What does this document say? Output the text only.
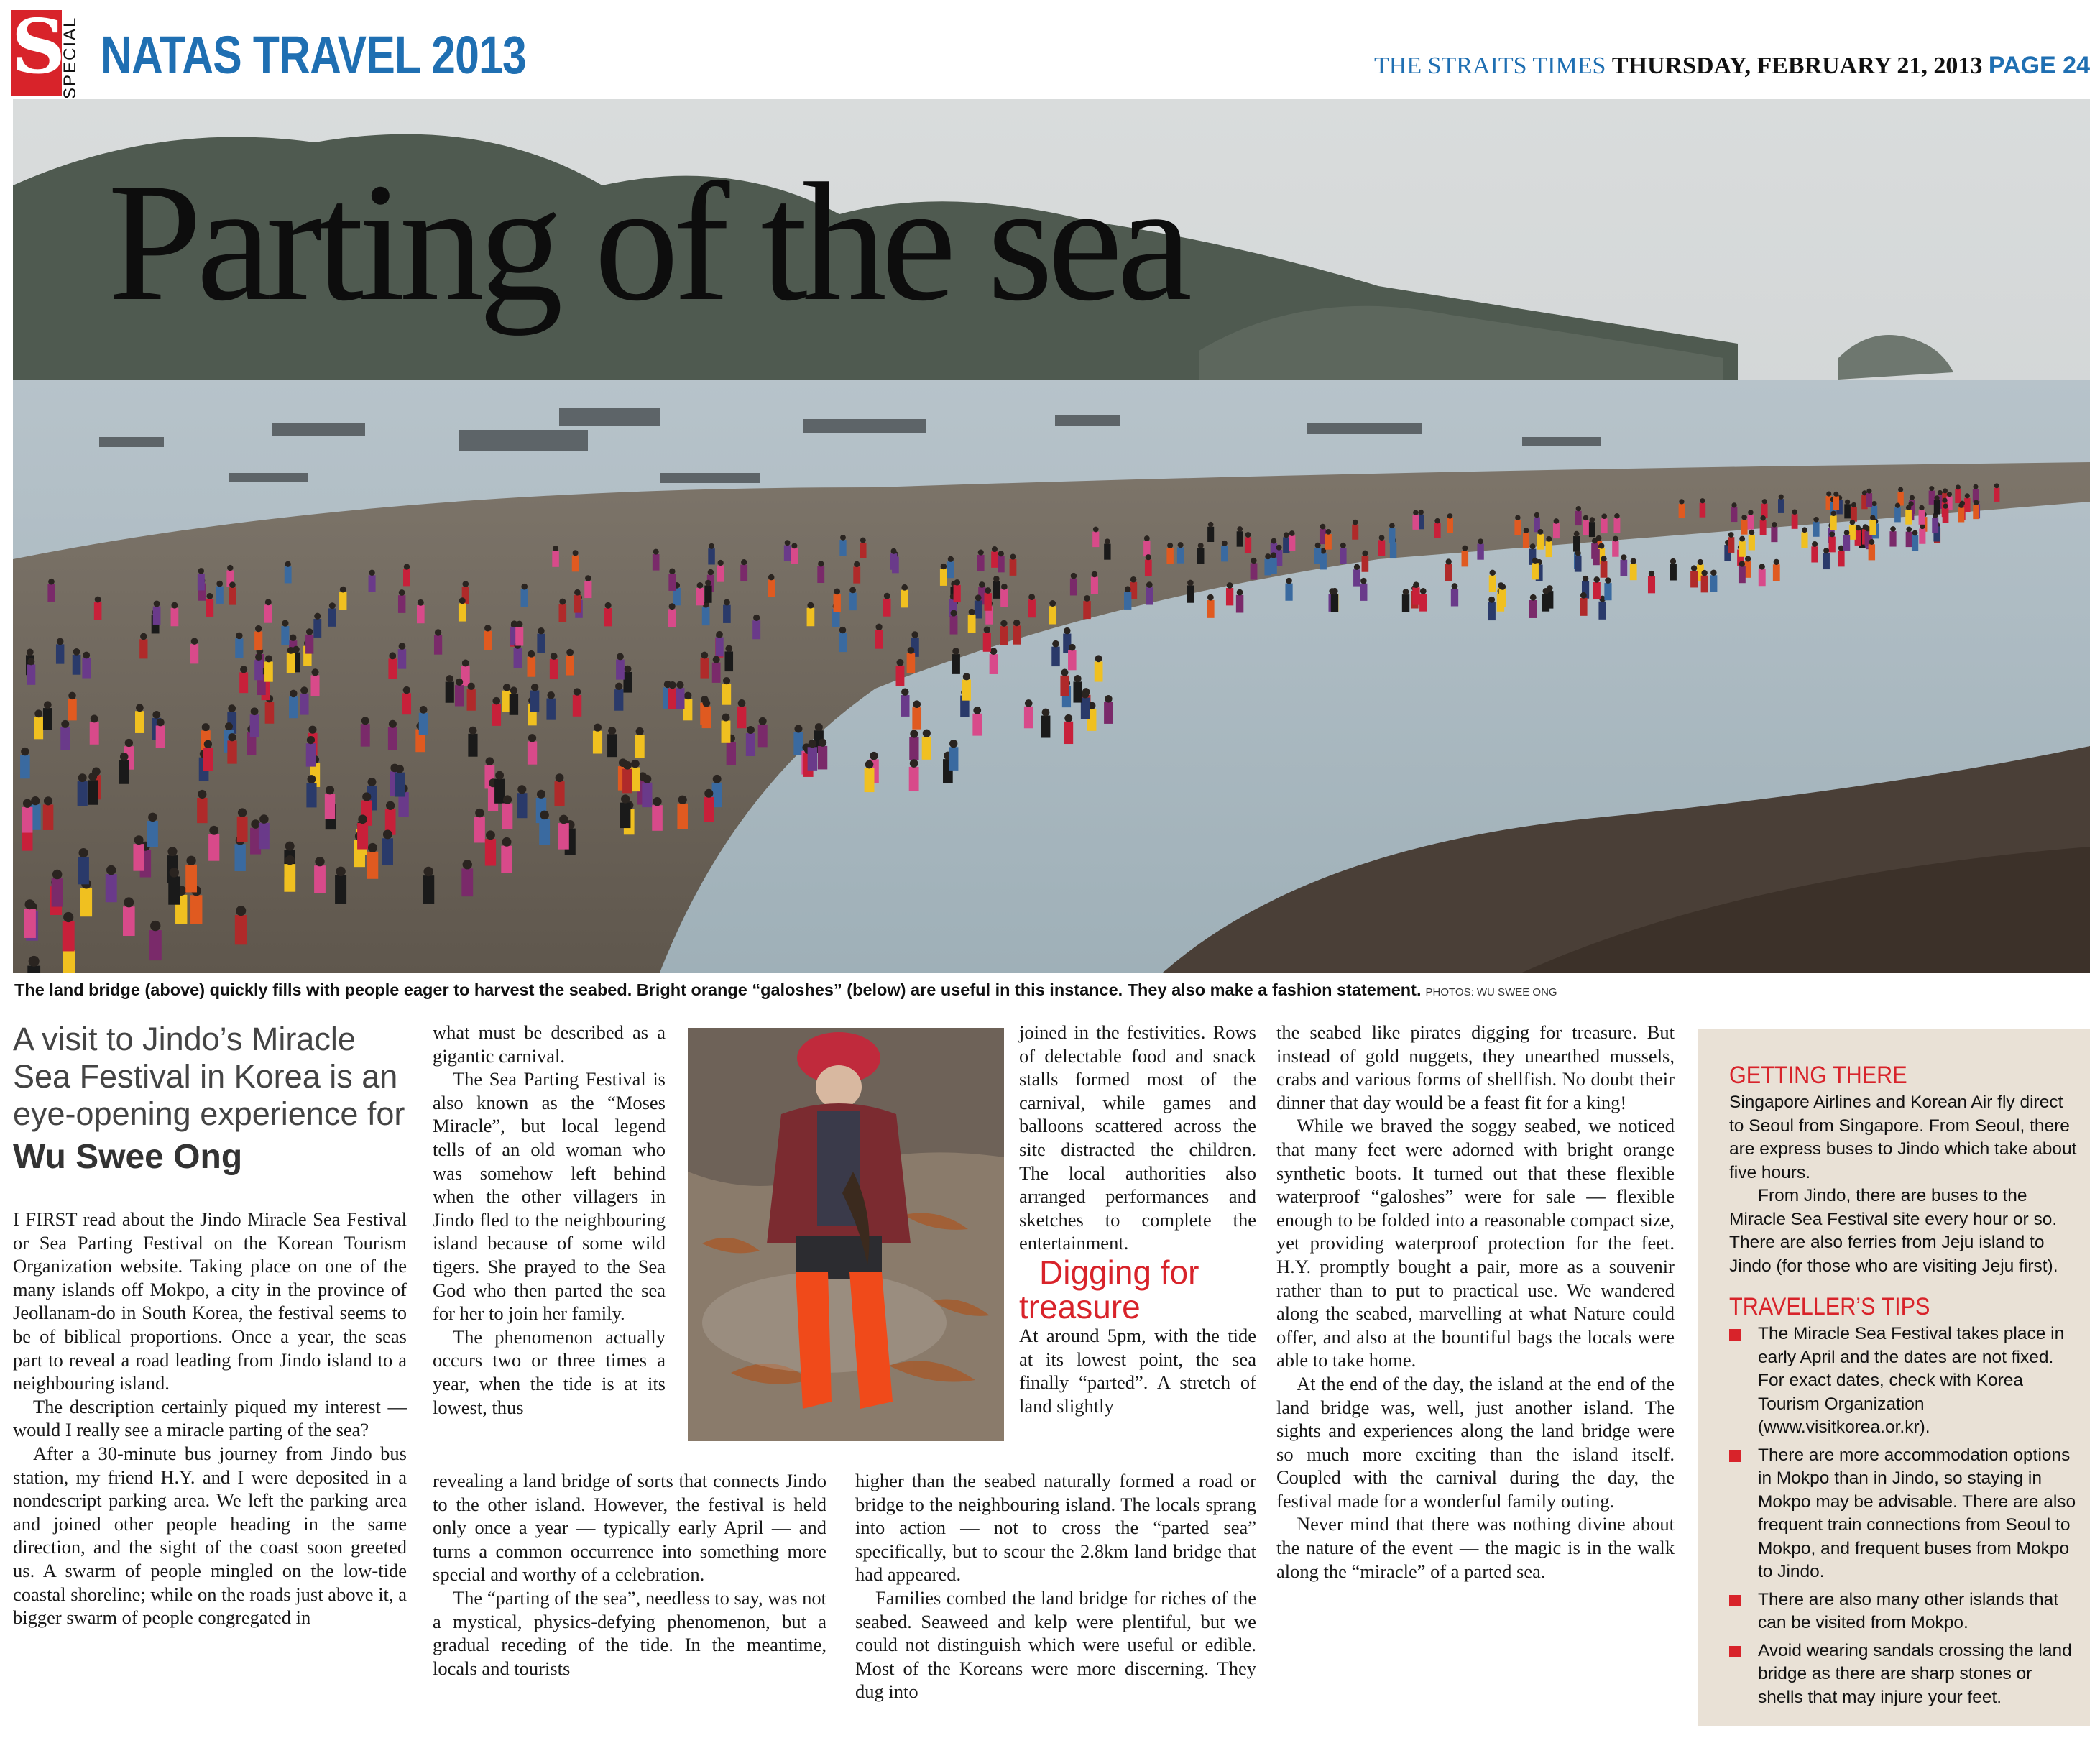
S
SPECIAL NATAS TRAVEL 2013	THE STRAITS TIMES THURSDAY, FEBRUARY 21, 2013 PAGE 24
Parting of the sea
The land bridge (above) quickly fills with people eager to harvest the seabed. Bright orange “galoshes” (below) are useful in this instance. They also make a fashion statement. PHOTOS: WU SWEE ONG
A visit to Jindo’s Miracle Sea Festival in Korea is an eye-opening experience for
Wu Swee Ong

I FIRST read about the Jindo Miracle Sea Festival or Sea Parting Festival on the Korean Tourism Organization website. Taking place on one of the many islands off Mokpo, a city in the province of Jeollanam-do in South Korea, the festival seems to be of biblical proportions. Once a year, the seas part to reveal a road leading from Jindo island to a neighbouring island.

The description certainly piqued my interest — would I really see a miracle parting of the sea?

After a 30-minute bus journey from Jindo bus station, my friend H.Y. and I were deposited in a nondescript parking area. We left the parking area and joined other people heading in the same direction, and the sight of the coast soon greeted us. A swarm of people mingled on the low-tide coastal shoreline; while on the roads just above it, a bigger swarm of people congregated in

what must be described as a gigantic carnival.

The Sea Parting Festival is also known as the “Moses Miracle”, but local legend tells of an old woman who was somehow left behind when the other villagers in Jindo fled to the neighbouring island because of some wild tigers. She prayed to the Sea God who then parted the sea for her to join her family.

The phenomenon actually occurs two or three times a year, when the tide is at its lowest, thus

revealing a land bridge of sorts that connects Jindo to the other island. However, the festival is held only once a year — typically early April — and turns a common occurrence into something more special and worthy of a celebration.

The “parting of the sea”, needless to say, was not a mystical, physics-defying phenomenon, but a gradual receding of the tide. In the meantime, locals and tourists

joined in the festivities. Rows of delectable food and snack stalls formed most of the carnival, while games and balloons scattered across the site distracted the children. The local authorities also arranged performances and sketches to complete the entertainment.

Digging for treasure

At around 5pm, with the tide at its lowest point, the sea finally “parted”. A stretch of land slightly

higher than the seabed naturally formed a road or bridge to the neighbouring island. The locals sprang into action — not to cross the “parted sea” specifically, but to scour the 2.8km land bridge that had appeared.

Families combed the land bridge for riches of the seabed. Seaweed and kelp were plentiful, but we could not distinguish which were useful or edible. Most of the Koreans were more discerning. They dug into

the seabed like pirates digging for treasure. But instead of gold nuggets, they unearthed mussels, crabs and various forms of shellfish. No doubt their dinner that day would be a feast fit for a king!

While we braved the soggy seabed, we noticed that many feet were adorned with bright orange synthetic boots. It turned out that these flexible waterproof “galoshes” were for sale — flexible enough to be folded into a reasonable compact size, yet providing waterproof protection for the feet. H.Y. promptly bought a pair, more as a souvenir rather than to put to practical use. We wandered along the seabed, marvelling at what Nature could offer, and also at the bountiful bags the locals were able to take home.

At the end of the day, the island at the end of the land bridge was, well, just another island. The sights and experiences along the land bridge were so much more exciting than the island itself. Coupled with the carnival during the day, the festival made for a wonderful family outing.

Never mind that there was nothing divine about the nature of the event — the magic is in the walk along the “miracle” of a parted sea.

GETTING THERE

Singapore Airlines and Korean Air fly direct to Seoul from Singapore. From Seoul, there are express buses to Jindo which take about five hours.

From Jindo, there are buses to the Miracle Sea Festival site every hour or so. There are also ferries from Jeju island to Jindo (for those who are visiting Jeju first).

TRAVELLER’S TIPS
The Miracle Sea Festival takes place in early April and the dates are not fixed. For exact dates, check with Korea Tourism Organization (www.visitkorea.or.kr).
There are more accommodation options in Mokpo than in Jindo, so staying in Mokpo may be advisable. There are also frequent train connections from Seoul to Mokpo, and frequent buses from Mokpo to Jindo.
There are also many other islands that can be visited from Mokpo.
Avoid wearing sandals crossing the land bridge as there are sharp stones or shells that may injure your feet.
